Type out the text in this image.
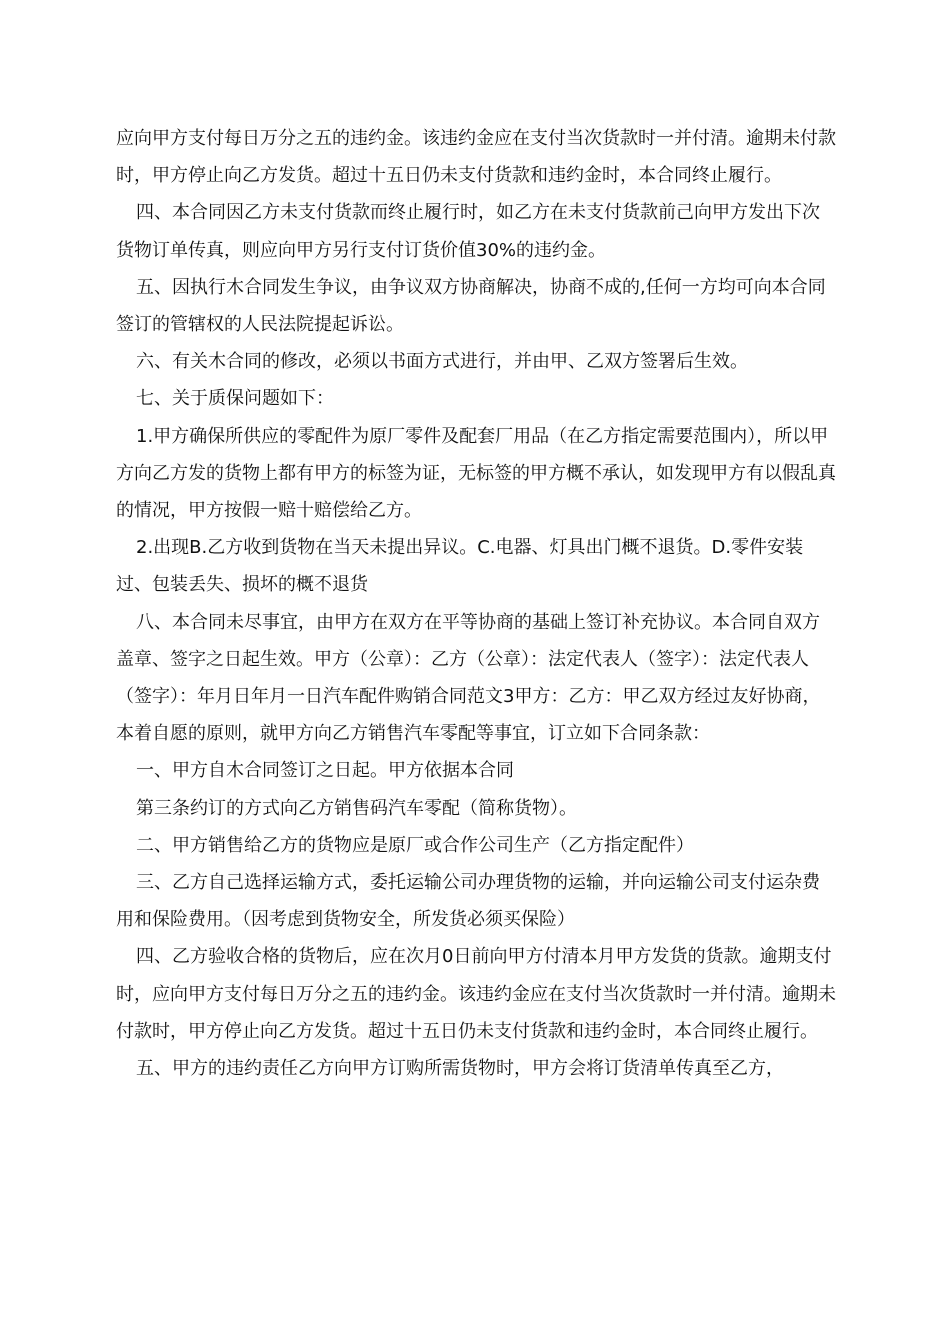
应向甲方支付每日万分之五的违约金。该违约金应在支付当次货款时一并付清。逾期未付款时，甲方停止向乙方发货。超过十五日仍未支付货款和违约金时，本合同终止履行。

四、本合同因乙方未支付货款而终止履行时，如乙方在未支付货款前己向甲方发出下次货物订单传真，则应向甲方另行支付订货价值30%的违约金。

五、因执行木合同发生争议，由争议双方协商解决，协商不成的,任何一方均可向本合同签订的管辖权的人民法院提起诉讼。

六、有关木合同的修改，必须以书面方式进行，并由甲、乙双方签署后生效。

七、关于质保问题如下：

1.甲方确保所供应的零配件为原厂零件及配套厂用品（在乙方指定需要范围内），所以甲方向乙方发的货物上都有甲方的标签为证，无标签的甲方概不承认，如发现甲方有以假乱真的情况，甲方按假一赔十赔偿给乙方。

2.出现B.乙方收到货物在当天未提出异议。C.电器、灯具出门概不退货。D.零件安装过、包装丢失、损坏的概不退货

八、本合同未尽事宜，由甲方在双方在平等协商的基础上签订补充协议。本合同自双方盖章、签字之日起生效。甲方（公章）：乙方（公章）：法定代表人（签字）：法定代表人（签字）：年月日年月一日汽车配件购销合同范文3甲方：乙方：甲乙双方经过友好协商，本着自愿的原则，就甲方向乙方销售汽车零配等事宜，订立如下合同条款：

一、甲方自木合同签订之日起。甲方依据本合同

第三条约订的方式向乙方销售码汽车零配（简称货物）。

二、甲方销售给乙方的货物应是原厂或合作公司生产（乙方指定配件）

三、乙方自己选择运输方式，委托运输公司办理货物的运输，并向运输公司支付运杂费用和保险费用。（因考虑到货物安全，所发货必须买保险）

四、乙方验收合格的货物后，应在次月0日前向甲方付清本月甲方发货的货款。逾期支付时，应向甲方支付每日万分之五的违约金。该违约金应在支付当次货款时一并付清。逾期未付款时，甲方停止向乙方发货。超过十五日仍未支付货款和违约金时，本合同终止履行。

五、甲方的违约责任乙方向甲方订购所需货物时，甲方会将订货清单传真至乙方，
